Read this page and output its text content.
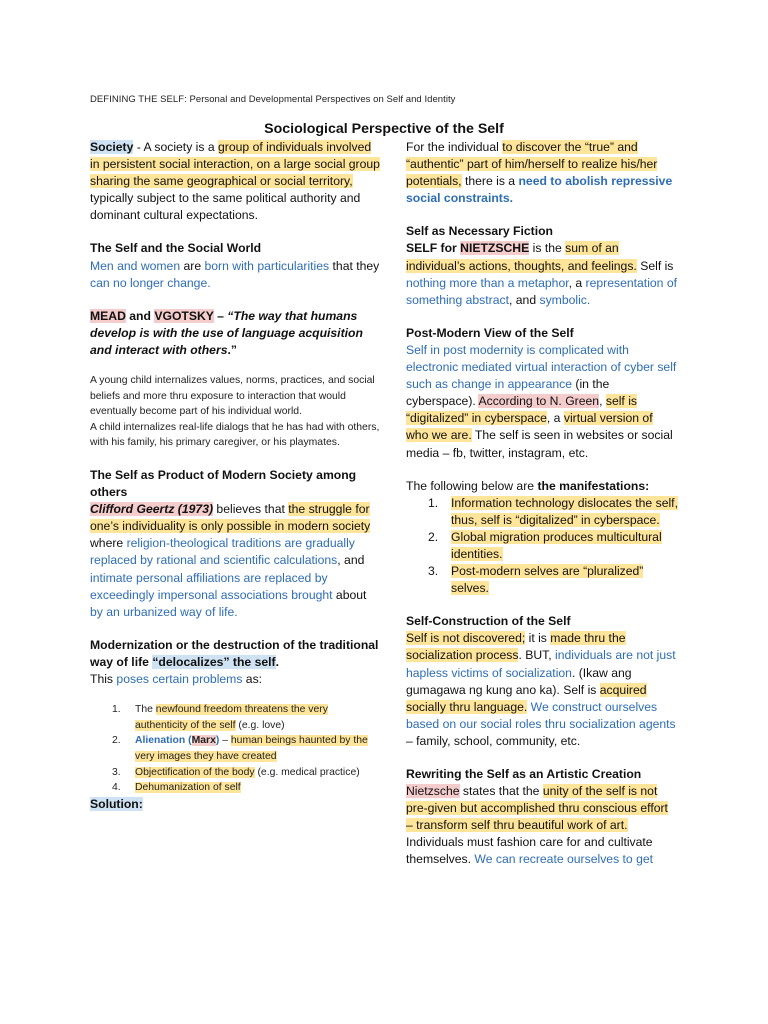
DEFINING THE SELF: Personal and Developmental Perspectives on Self and Identity
Sociological Perspective of the Self

Society - A society is a group of individuals involved in persistent social interaction, on a large social group sharing the same geographical or social territory, typically subject to the same political authority and dominant cultural expectations.

The Self and the Social World

Men and women are born with particularities that they can no longer change.

MEAD and VGOTSKY – “The way that humans develop is with the use of language acquisition and interact with others.”

A young child internalizes values, norms, practices, and social beliefs and more thru exposure to interaction that would eventually become part of his individual world.

A child internalizes real-life dialogs that he has had with others, with his family, his primary caregiver, or his playmates.

The Self as Product of Modern Society among others

Clifford Geertz (1973) believes that the struggle for one’s individuality is only possible in modern society where religion-theological traditions are gradually replaced by rational and scientific calculations, and intimate personal affiliations are replaced by exceedingly impersonal associations brought about by an urbanized way of life.

Modernization or the destruction of the traditional way of life “delocalizes” the self.
This poses certain problems as:

1. The newfound freedom threatens the very authenticity of the self (e.g. love)
2. Alienation (Marx) – human beings haunted by the very images they have created
3. Objectification of the body (e.g. medical practice)
4. Dehumanization of self

Solution:

For the individual to discover the “true” and “authentic” part of him/herself to realize his/her potentials, there is a need to abolish repressive social constraints.

Self as Necessary Fiction

SELF for NIETZSCHE is the sum of an individual’s actions, thoughts, and feelings. Self is nothing more than a metaphor, a representation of something abstract, and symbolic.

Post-Modern View of the Self

Self in post modernity is complicated with electronic mediated virtual interaction of cyber self such as change in appearance (in the cyberspace). According to N. Green, self is “digitalized” in cyberspace, a virtual version of who we are. The self is seen in websites or social media – fb, twitter, instagram, etc.

The following below are the manifestations:

1. Information technology dislocates the self, thus, self is “digitalized” in cyberspace.
2. Global migration produces multicultural identities.
3. Post-modern selves are “pluralized” selves.
Self-Construction of the Self

Self is not discovered; it is made thru the socialization process. BUT, individuals are not just hapless victims of socialization. (Ikaw ang gumagawa ng kung ano ka). Self is acquired socially thru language. We construct ourselves based on our social roles thru socialization agents – family, school, community, etc.

Rewriting the Self as an Artistic Creation

Nietzsche states that the unity of the self is not pre-given but accomplished thru conscious effort – transform self thru beautiful work of art. Individuals must fashion care for and cultivate themselves. We can recreate ourselves to get
